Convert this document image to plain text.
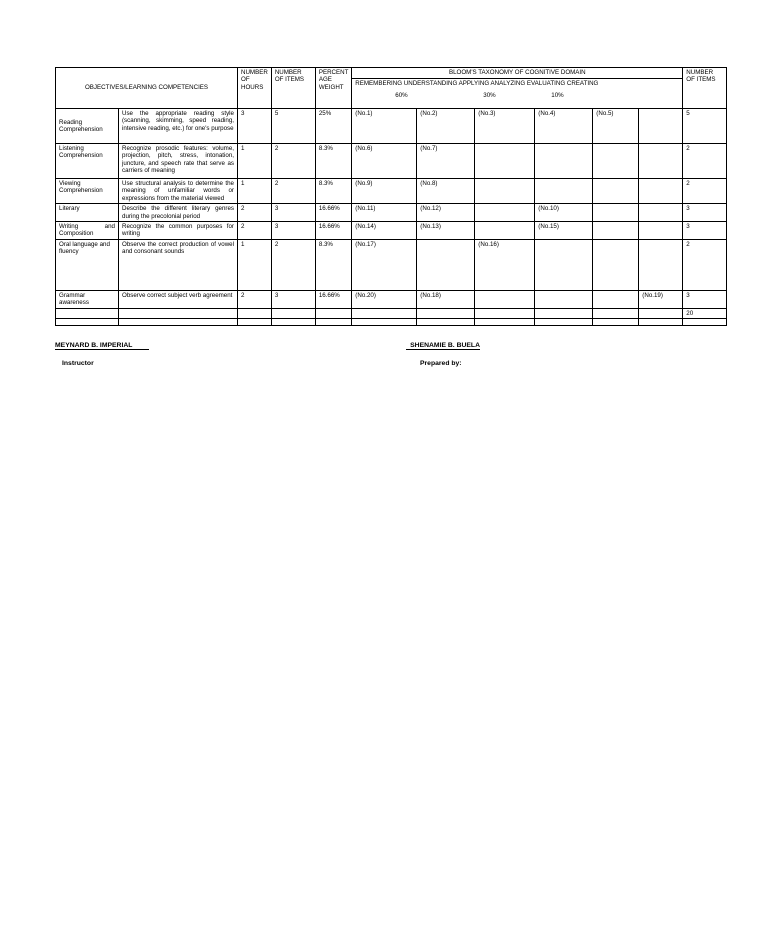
OBJECTIVES/LEARNING COMPETENCIES		NUMBER OF HOURS	NUMBER OF ITEMS	PERCENT AGE WEIGHT	BLOOM'S TAXONOMY OF COGNITIVE DOMAIN
REMEMBERING UNDERSTANDING APPLYING ANALYZING EVALUATING CREATING
60% 30% 10%						NUMBER OF ITEMS
Reading Comprehension	Use the appropriate reading style (scanning, skimming, speed reading, intensive reading, etc.) for one's purpose	3	5	25%	(No.1)	(No.2)	(No.3)	(No.4)	(No.5)		5
Listening Comprehension	Recognize prosodic features: volume, projection, pitch, stress, intonation, juncture, and speech rate that serve as carriers of meaning	1	2	8.3%	(No.6)	(No.7)					2
Viewing Comprehension	Use structural analysis to determine the meaning of unfamiliar words or expressions from the material viewed	1	2	8.3%	(No.9)	(No.8)					2
Literary	Describe the different literary genres during the precolonial period	2	3	16.66%	(No.11)	(No.12)		(No.10)			3
Writing and Composition	Recognize the common purposes for writing	2	3	16.66%	(No.14)	(No.13)		(No.15)			3
Oral language and fluency	Observe the correct production of vowel and consonant sounds	1	2	8.3%	(No.17)		(No.16)				2
Grammar awareness	Observe correct subject verb agreement	2	3	16.66%	(No.20)	(No.18)				(No.19)	3
											20

MEYNARD B. IMPERIAL
Instructor
SHENAMIE B. BUELA
Prepared by:
